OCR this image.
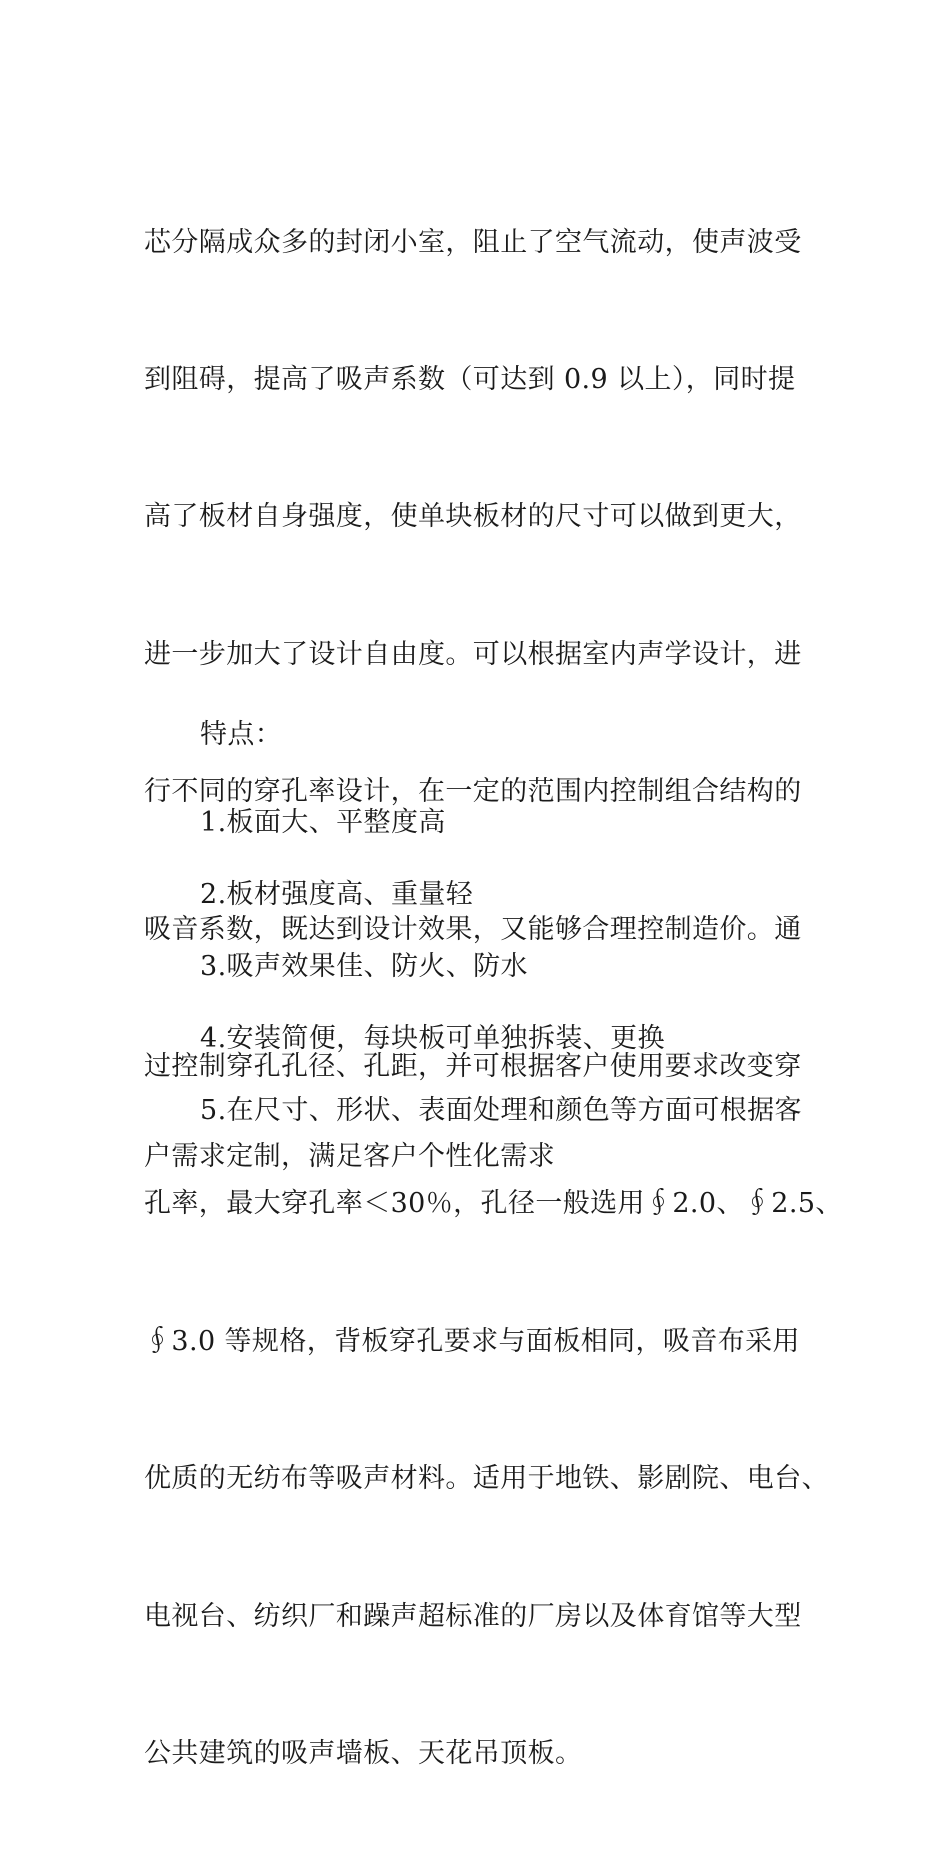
芯分隔成众多的封闭小室，阻止了空气流动，使声波受

到阻碍，提高了吸声系数（可达到 0.9 以上），同时提

高了板材自身强度，使单块板材的尺寸可以做到更大，

进一步加大了设计自由度。可以根据室内声学设计，进

行不同的穿孔率设计，在一定的范围内控制组合结构的

吸音系数，既达到设计效果，又能够合理控制造价。通

过控制穿孔孔径、孔距，并可根据客户使用要求改变穿

孔率，最大穿孔率＜30％，孔径一般选用∮2.0、∮2.5、

∮3.0 等规格，背板穿孔要求与面板相同，吸音布采用

优质的无纺布等吸声材料。适用于地铁、影剧院、电台、

电视台、纺织厂和躁声超标准的厂房以及体育馆等大型

公共建筑的吸声墙板、天花吊顶板。

特点：

1.板面大、平整度高

2.板材强度高、重量轻

3.吸声效果佳、防火、防水

4.安装简便，每块板可单独拆装、更换

5.在尺寸、形状、表面处理和颜色等方面可根据客

户需求定制，满足客户个性化需求
